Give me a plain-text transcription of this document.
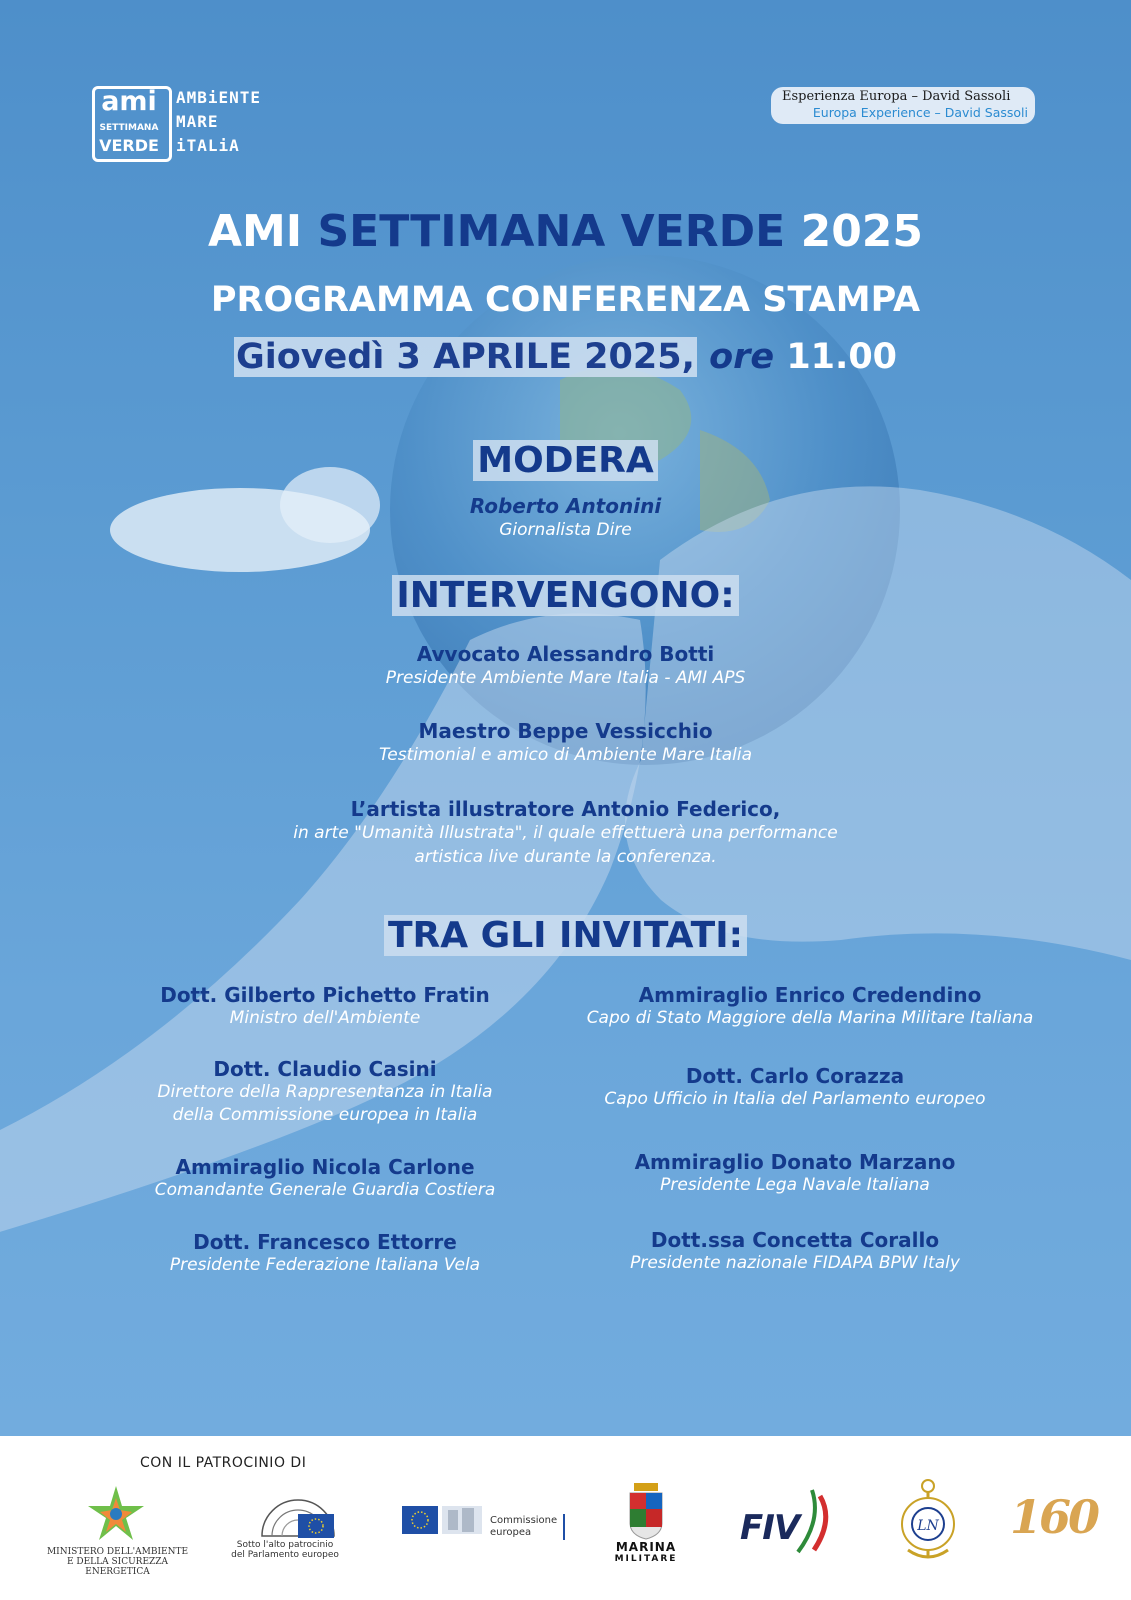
ami
SETTIMANA
VERDE
AMBiENTE
MARE
iTALiA
Esperienza Europa – David Sassoli
Europa Experience – David Sassoli
AMI SETTIMANA VERDE 2025
PROGRAMMA CONFERENZA STAMPA
Giovedì 3 APRILE 2025, ore 11.00
MODERA
Roberto Antonini
Giornalista Dire
INTERVENGONO:
Avvocato Alessandro Botti
Presidente Ambiente Mare Italia - AMI APS
Maestro Beppe Vessicchio
Testimonial e amico di Ambiente Mare Italia
L’artista illustratore Antonio Federico,
in arte "Umanità Illustrata", il quale effettuerà una performance
artistica live durante la conferenza.
TRA GLI INVITATI:
Dott. Gilberto Pichetto Fratin
Ministro dell'Ambiente
Dott. Claudio Casini
Direttore della Rappresentanza in Italia
della Commissione europea in Italia
Ammiraglio Nicola Carlone
Comandante Generale Guardia Costiera
Dott. Francesco Ettorre
Presidente Federazione Italiana Vela
Ammiraglio Enrico Credendino
Capo di Stato Maggiore della Marina Militare Italiana
Dott. Carlo Corazza
Capo Ufficio in Italia del Parlamento europeo
Ammiraglio Donato Marzano
Presidente Lega Navale Italiana
Dott.ssa Concetta Corallo
Presidente nazionale FIDAPA BPW Italy
CON IL PATROCINIO DI
MINISTERO DELL'AMBIENTE
E DELLA SICUREZZA ENERGETICA
Sotto l'alto patrocinio
del Parlamento europeo
Commissione
europea
MARINA
MILITARE
FIV	LN 160
